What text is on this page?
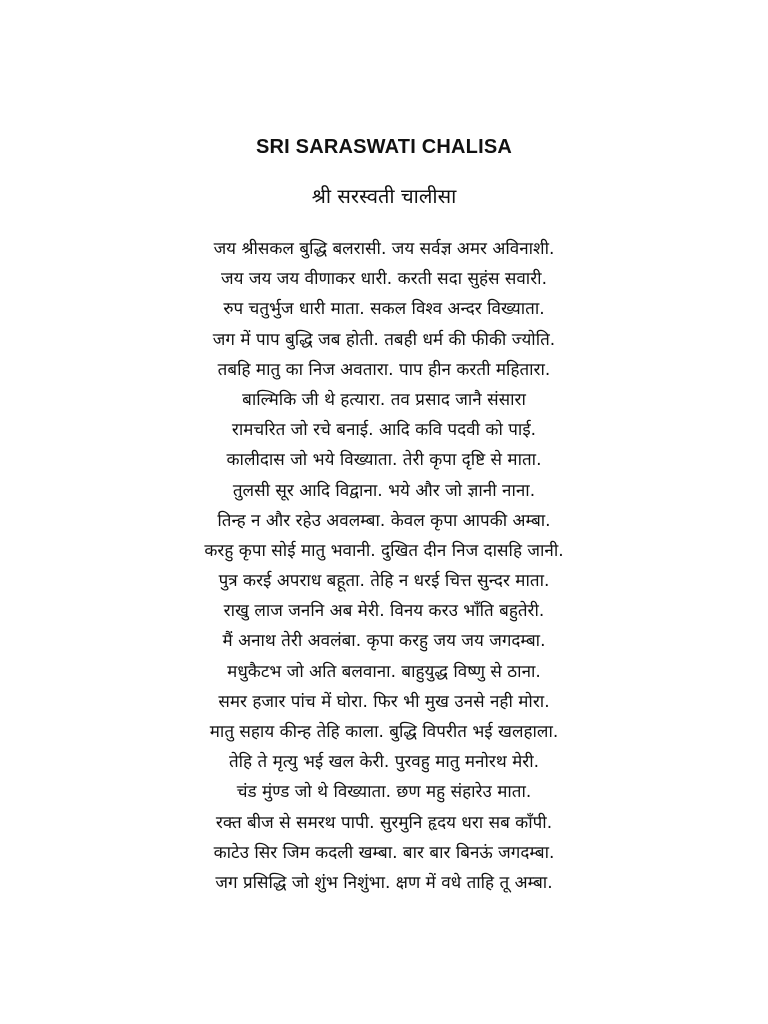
SRI SARASWATI CHALISA
श्री सरस्वती चालीसा
जय श्रीसकल बुद्धि बलरासी. जय सर्वज्ञ अमर अविनाशी.
जय जय जय वीणाकर धारी. करती सदा सुहंस सवारी.
रुप चतुर्भुज धारी माता. सकल विश्व अन्दर विख्याता.
जग में पाप बुद्धि जब होती. तबही धर्म की फीकी ज्योति.
तबहि मातु का निज अवतारा. पाप हीन करती महितारा.
बाल्मिकि जी थे हत्यारा. तव प्रसाद जानै संसारा
रामचरित जो रचे बनाई. आदि कवि पदवी को पाई.
कालीदास जो भये विख्याता. तेरी कृपा दृष्टि से माता.
तुलसी सूर आदि विद्वाना. भये और जो ज्ञानी नाना.
तिन्ह न और रहेउ अवलम्बा. केवल कृपा आपकी अम्बा.
करहु कृपा सोई मातु भवानी. दुखित दीन निज दासहि जानी.
पुत्र करई अपराध बहूता. तेहि न धरई चित्त सुन्दर माता.
राखु लाज जननि अब मेरी. विनय करउ भाँति बहुतेरी.
मैं अनाथ तेरी अवलंबा. कृपा करहु जय जय जगदम्बा.
मधुकैटभ जो अति बलवाना. बाहुयुद्ध विष्णु से ठाना.
समर हजार पांच में घोरा. फिर भी मुख उनसे नही मोरा.
मातु सहाय कीन्ह तेहि काला. बुद्धि विपरीत भई खलहाला.
तेहि ते मृत्यु भई खल केरी. पुरवहु मातु मनोरथ मेरी.
चंड मुंण्ड जो थे विख्याता. छण महु संहारेउ माता.
रक्त बीज से समरथ पापी. सुरमुनि हृदय धरा सब काँपी.
काटेउ सिर जिम कदली खम्बा. बार बार बिनऊं जगदम्बा.
जग प्रसिद्धि जो शुंभ निशुंभा. क्षण में वधे ताहि तू अम्बा.
